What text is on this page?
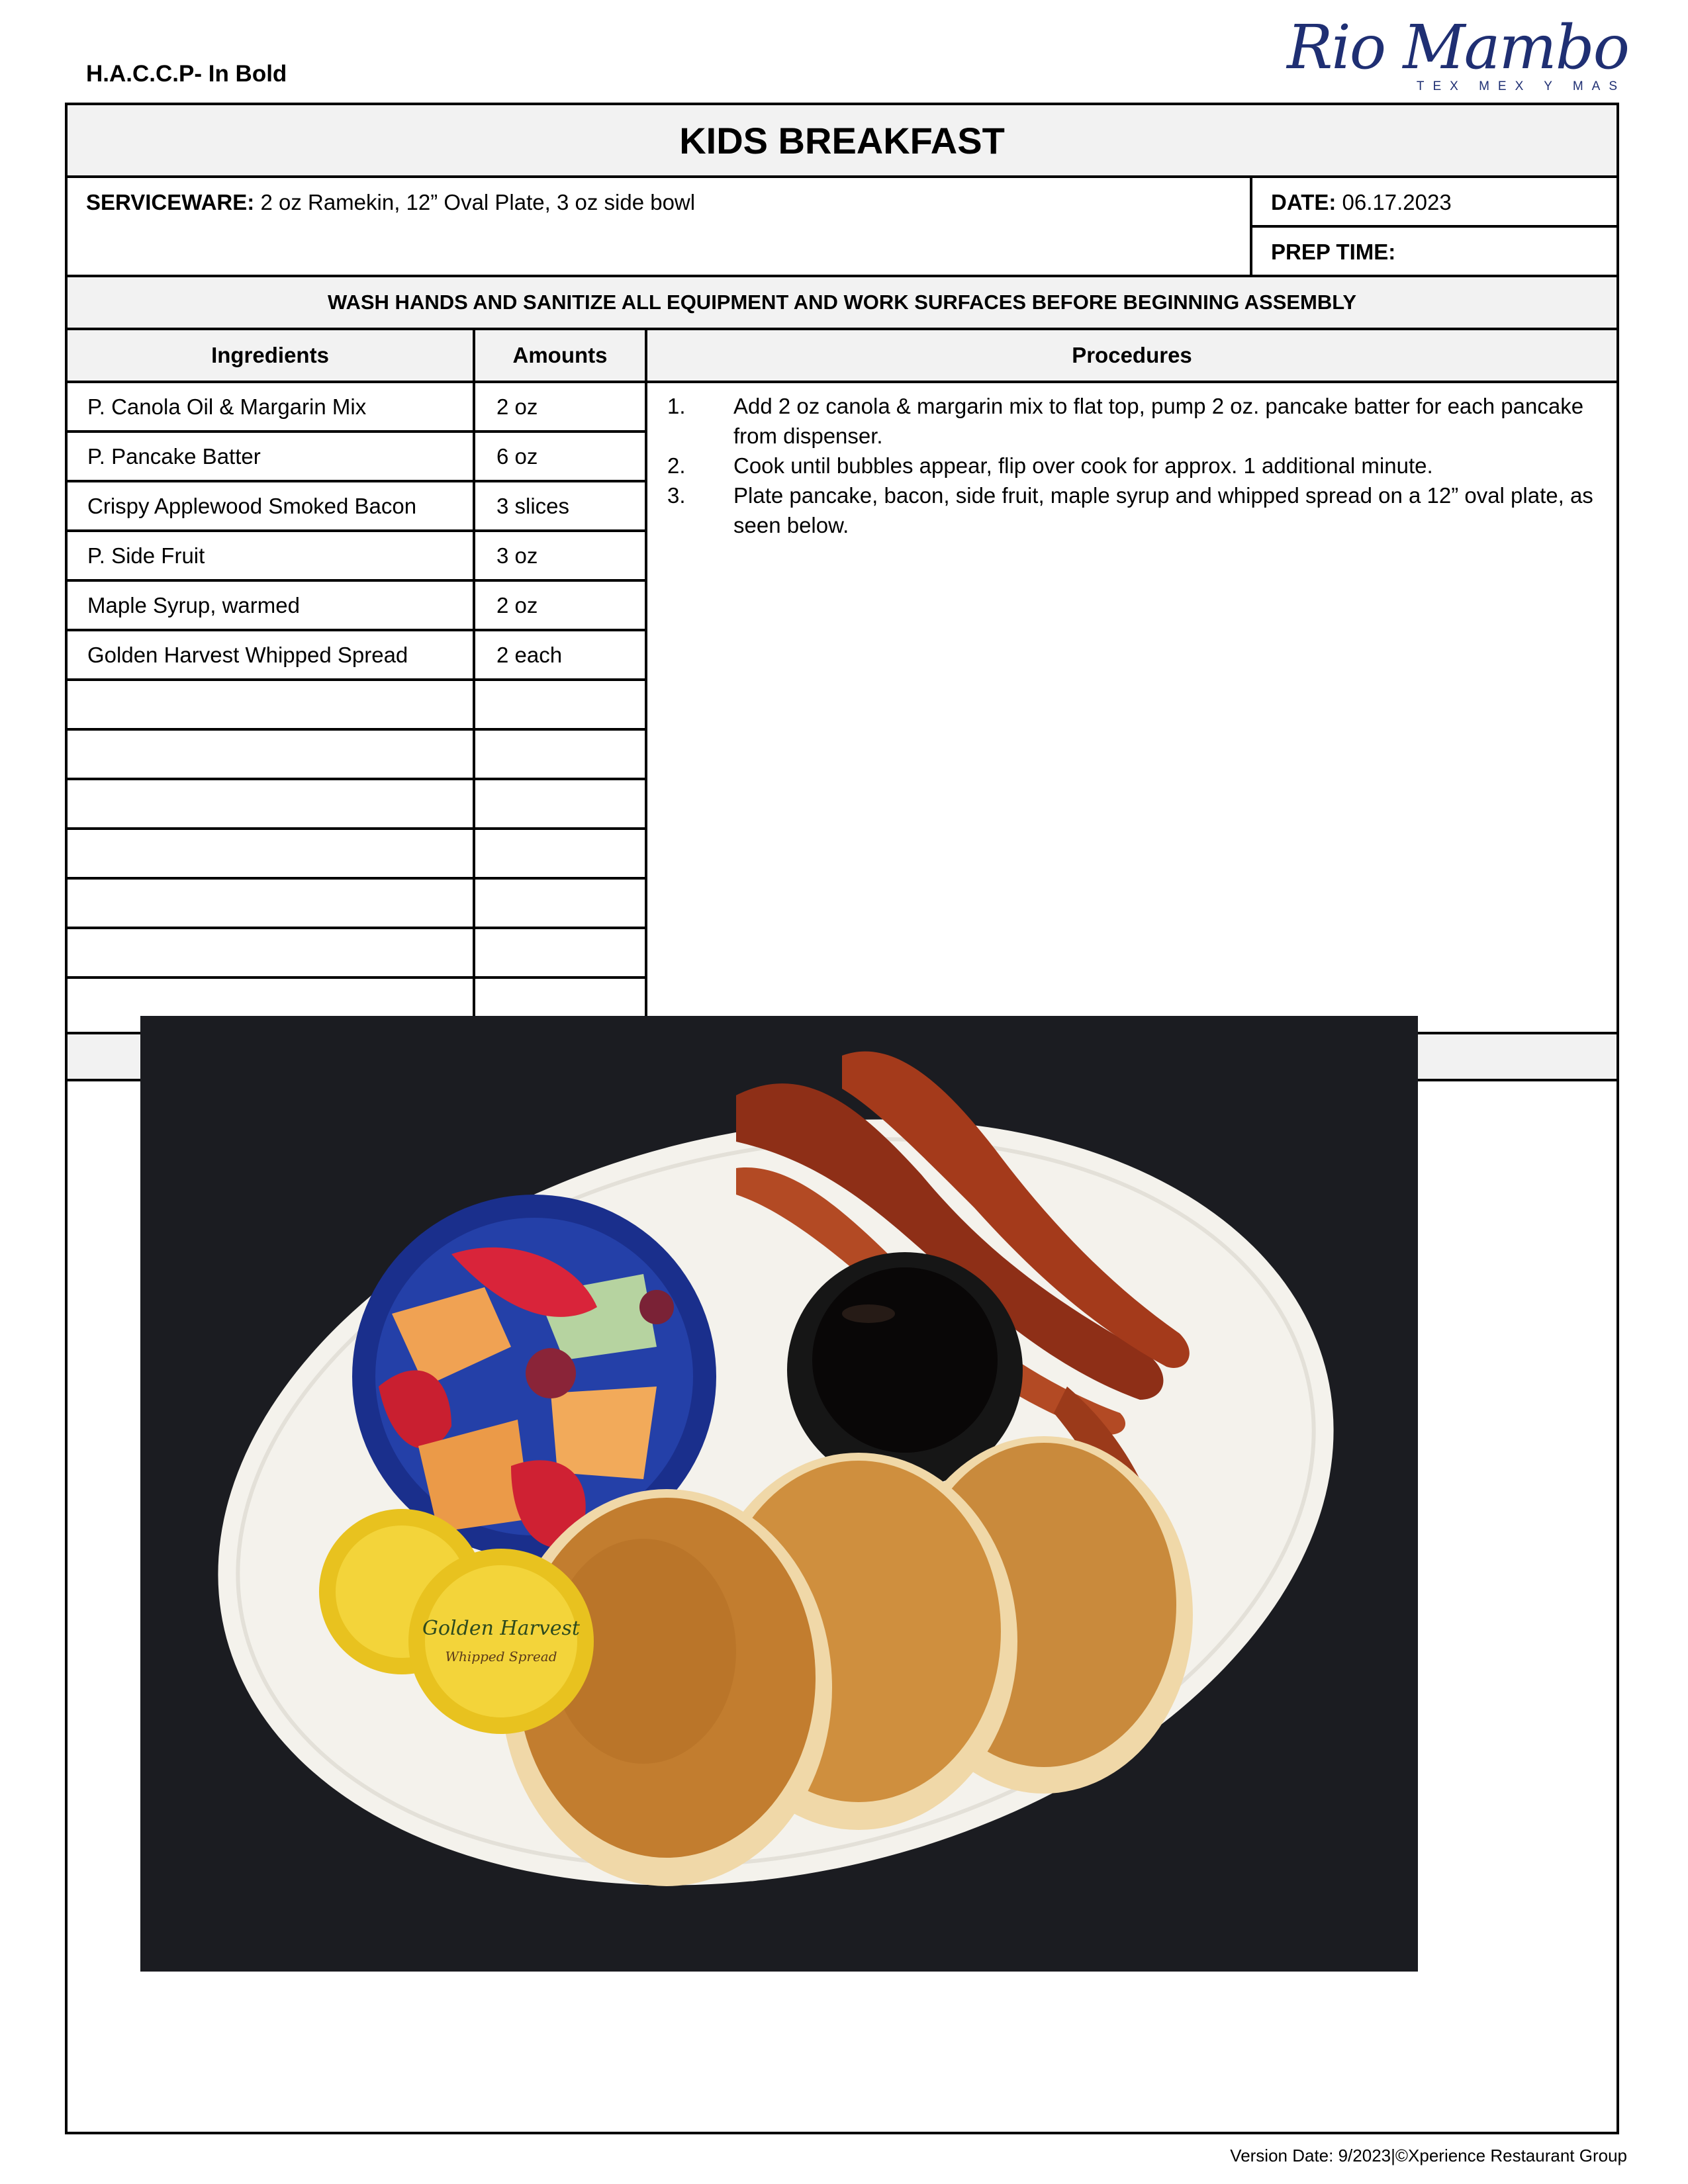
H.A.C.C.P- In Bold	Rio Mambo
TEX MEX Y MAS
KIDS BREAKFAST
SERVICEWARE: 2 oz Ramekin, 12” Oval Plate, 3 oz side bowl	DATE: 06.17.2023
PREP TIME:
WASH HANDS AND SANITIZE ALL EQUIPMENT AND WORK SURFACES BEFORE BEGINNING ASSEMBLY
Ingredients	Amounts	Procedures
P. Canola Oil & Margarin Mix	2 oz
P. Pancake Batter	6 oz
Crispy Applewood Smoked Bacon	3 slices
P. Side Fruit	3 oz
Maple Syrup, warmed	2 oz
Golden Harvest Whipped Spread	2 each
1. Add 2 oz canola & margarin mix to flat top, pump 2 oz. pancake batter for each pancake from dispenser.
2. Cook until bubbles appear, flip over cook for approx. 1 additional minute.
3. Plate pancake, bacon, side fruit, maple syrup and whipped spread on a 12” oval plate, as seen below.
Golden Harvest
Whipped Spread
Version Date: 9/2023|©Xperience Restaurant Group
